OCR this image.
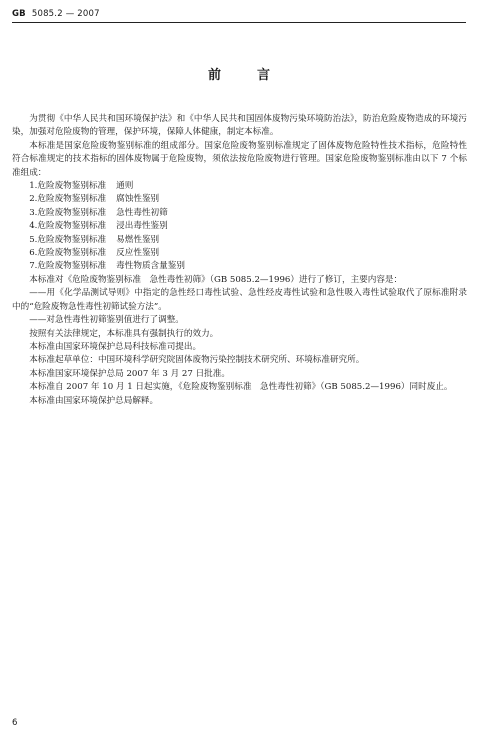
GB 5085.2 — 2007
前言

为贯彻《中华人民共和国环境保护法》和《中华人民共和国固体废物污染环境防治法》，防治危险废物造成的环境污染，加强对危险废物的管理，保护环境，保障人体健康，制定本标准。

本标准是国家危险废物鉴别标准的组成部分。国家危险废物鉴别标准规定了固体废物危险特性技术指标，危险特性符合标准规定的技术指标的固体废物属于危险废物，须依法按危险废物进行管理。国家危险废物鉴别标准由以下 7 个标准组成：

1.危险废物鉴别标准 通则

2.危险废物鉴别标准 腐蚀性鉴别

3.危险废物鉴别标准 急性毒性初筛

4.危险废物鉴别标准 浸出毒性鉴别

5.危险废物鉴别标准 易燃性鉴别

6.危险废物鉴别标准 反应性鉴别

7.危险废物鉴别标准 毒性物质含量鉴别

本标准对《危险废物鉴别标准　急性毒性初筛》（GB 5085.2—1996）进行了修订，主要内容是：

——用《化学品测试导则》中指定的急性经口毒性试验、急性经皮毒性试验和急性吸入毒性试验取代了原标准附录中的“危险废物急性毒性初筛试验方法”。

——对急性毒性初筛鉴别值进行了调整。

按照有关法律规定，本标准具有强制执行的效力。

本标准由国家环境保护总局科技标准司提出。

本标准起草单位：中国环境科学研究院固体废物污染控制技术研究所、环境标准研究所。

本标准国家环境保护总局 2007 年 3 月 27 日批准。

本标准自 2007 年 10 月 1 日起实施，《危险废物鉴别标准　急性毒性初筛》（GB 5085.2—1996）同时废止。

本标准由国家环境保护总局解释。

6
